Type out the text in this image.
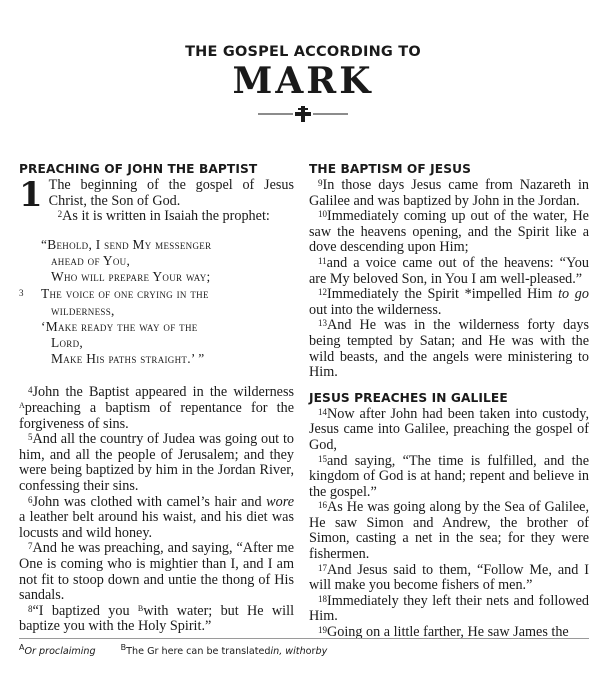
THE GOSPEL ACCORDING TO

MARK

PREACHING OF JOHN THE BAPTIST

1 The beginning of the gospel of Jesus Christ, the Son of God.

$^2$As it is written in Isaiah the prophet:

“Behold, I send My messenger
ahead of You,
Who will prepare Your way;
3 The voice of one crying in the
wilderness,
‘Make ready the way of the
Lord,
Make His paths straight.’ ”

$^4$John the Baptist appeared in the wilderness $^A$preaching a baptism of repentance for the forgiveness of sins.

$^5$And all the country of Judea was going out to him, and all the people of Jerusalem; and they were being baptized by him in the Jordan River, confessing their sins.

$^6$John was clothed with camel’s hair and wore a leather belt around his waist, and his diet was locusts and wild honey.

$^7$And he was preaching, and saying, “After me One is coming who is mightier than I, and I am not fit to stoop down and untie the thong of His sandals.

$^8$“I baptized you $^B$with water; but He will baptize you with the Holy Spirit.”

THE BAPTISM OF JESUS

$^9$In those days Jesus came from Nazareth in Galilee and was baptized by John in the Jordan.

$^{10}$Immediately coming up out of the water, He saw the heavens opening, and the Spirit like a dove descending upon Him;

$^{11}$and a voice came out of the heavens: “You are My beloved Son, in You I am well-pleased.”

$^{12}$Immediately the Spirit *impelled Him to go out into the wilderness.

$^{13}$And He was in the wilderness forty days being tempted by Satan; and He was with the wild beasts, and the angels were ministering to Him.

JESUS PREACHES IN GALILEE

$^{14}$Now after John had been taken into custody, Jesus came into Galilee, preaching the gospel of God,

$^{15}$and saying, “The time is fulfilled, and the kingdom of God is at hand; repent and believe in the gospel.”

$^{16}$As He was going along by the Sea of Galilee, He saw Simon and Andrew, the brother of Simon, casting a net in the sea; for they were fishermen.

$^{17}$And Jesus said to them, “Follow Me, and I will make you become fishers of men.”

$^{18}$Immediately they left their nets and followed Him.

$^{19}$Going on a little farther, He saw James the

$^A$Or proclaiming	$^B$The Gr here can be translatedin, withorby
